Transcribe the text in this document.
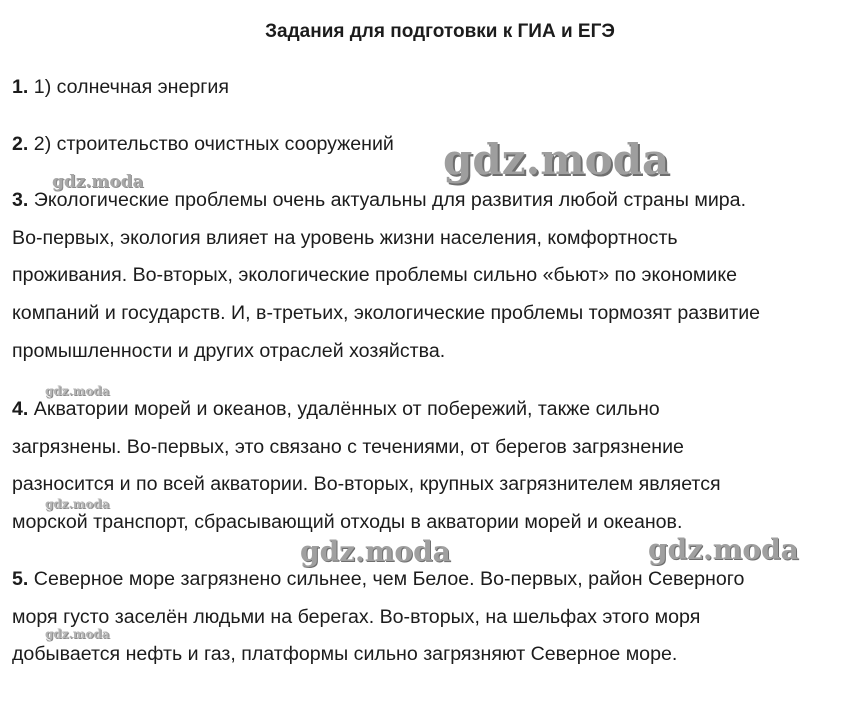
Задания для подготовки к ГИА и ЕГЭ
1. 1) солнечная энергия
2. 2) строительство очистных сооружений
3. Экологические проблемы очень актуальны для развития любой страны мира.
Во-первых, экология влияет на уровень жизни населения, комфортность
проживания. Во-вторых, экологические проблемы сильно «бьют» по экономике
компаний и государств. И, в-третьих, экологические проблемы тормозят развитие
промышленности и других отраслей хозяйства.
4. Акватории морей и океанов, удалённых от побережий, также сильно
загрязнены. Во-первых, это связано с течениями, от берегов загрязнение
разносится и по всей акватории. Во-вторых, крупных загрязнителем является
морской транспорт, сбрасывающий отходы в акватории морей и океанов.
5. Северное море загрязнено сильнее, чем Белое. Во-первых, район Северного
моря густо заселён людьми на берегах. Во-вторых, на шельфах этого моря
добывается нефть и газ, платформы сильно загрязняют Северное море.
gdz.moda
gdz.moda
gdz.moda
gdz.moda
gdz.moda
gdz.moda	gdz.moda
